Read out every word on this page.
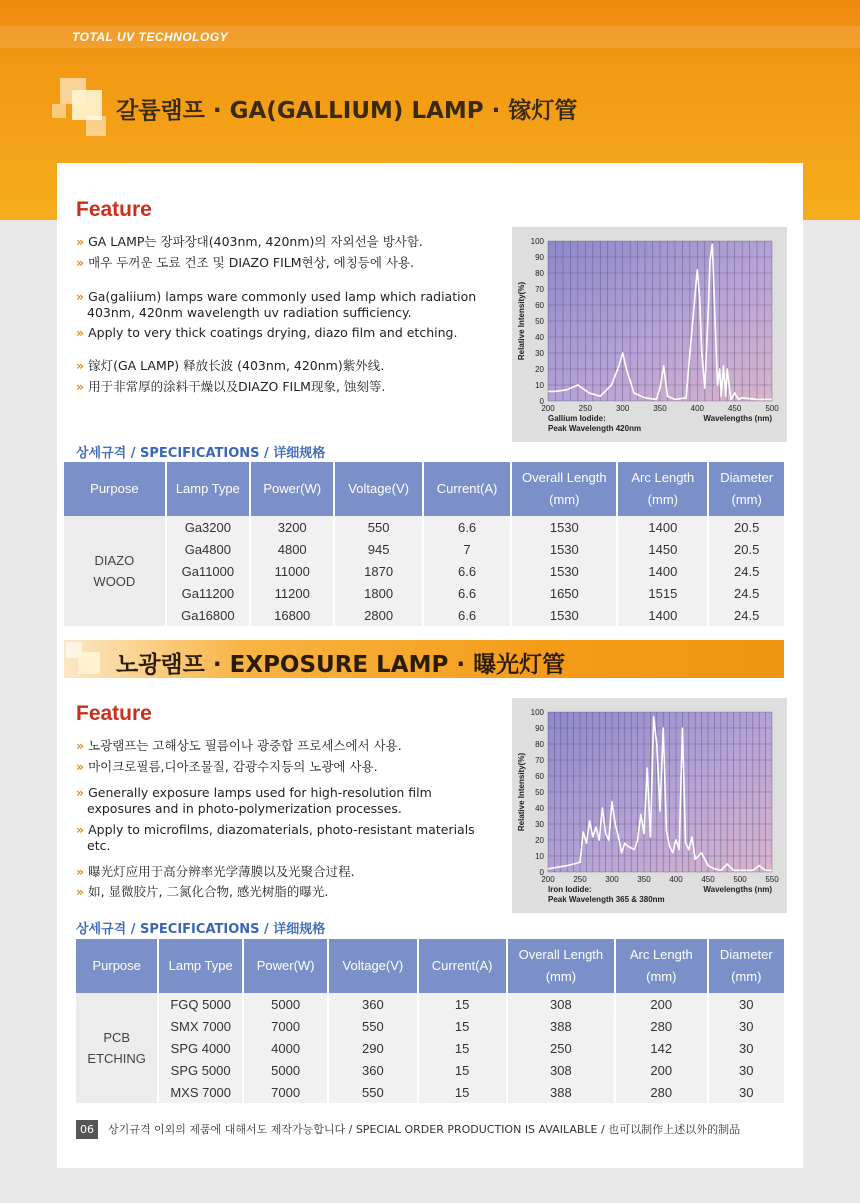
TOTAL UV TECHNOLOGY
갈륨램프 · GA(GALLIUM) LAMP · 镓灯管
Feature
» GA LAMP는 장파장대(403nm, 420nm)의 자외선을 방사함.
» 매우 두꺼운 도료 건조 및 DIAZO FILM현상, 에칭등에 사용.
» Ga(galiium) lamps ware commonly used lamp which radiation
403nm, 420nm wavelength uv radiation sufficiency.
» Apply to very thick coatings drying, diazo film and etching.
» 镓灯(GA LAMP) 释放长波 (403nm, 420nm)紫外线.
» 用于非常厚的涂料干燥以及DIAZO FILM现象, 蚀刻等.
0
10
20
30
40
50
60
70
80
90
100
200	250	300	350	400	450	500
Relative Intensity(%)
Gallium Iodide:	Wavelengths (nm)
Peak Wavelength 420nm
상세규격 / SPECIFICATIONS / 详细规格
Purpose	Lamp Type	Power(W)	Voltage(V)	Current(A)	Overall Length
(mm)	Arc Length
(mm)	Diameter
(mm)
DIAZO
WOOD	Ga3200	3200	550	6.6	1530	1400	20.5
	Ga4800	4800	945	7	1530	1450	20.5
	Ga11000	11000	1870	6.6	1530	1400	24.5
	Ga11200	11200	1800	6.6	1650	1515	24.5
	Ga16800	16800	2800	6.6	1530	1400	24.5
노광램프 · EXPOSURE LAMP · 曝光灯管
Feature
» 노광램프는 고해상도 필름이나 광중합 프로세스에서 사용.
» 마이크로필름,디아조물질, 감광수지등의 노광에 사용.
» Generally exposure lamps used for high-resolution film
exposures and in photo-polymerization processes.
» Apply to microfilms, diazomaterials, photo-resistant materials
etc.
» 曝光灯应用于高分辨率光学薄膜以及光聚合过程.
» 如, 显微胶片, 二氮化合物, 感光树脂的曝光.
0
10
20
30
40
50
60
70
80
90
100
200 250 300 350 400 450 500 550
Relative Intensity(%)
Iron Iodide:	Wavelengths (nm)
Peak Wavelength 365 & 380nm
상세규격 / SPECIFICATIONS / 详细规格
Purpose	Lamp Type	Power(W)	Voltage(V)	Current(A)	Overall Length
(mm)	Arc Length
(mm)	Diameter
(mm)
PCB
ETCHING	FGQ 5000	5000	360	15	308	200	30
	SMX 7000	7000	550	15	388	280	30
	SPG 4000	4000	290	15	250	142	30
	SPG 5000	5000	360	15	308	200	30
	MXS 7000	7000	550	15	388	280	30
06 상기규격 이외의 제품에 대해서도 제작가능합니다 / SPECIAL ORDER PRODUCTION IS AVAILABLE / 也可以制作上述以外的制品
